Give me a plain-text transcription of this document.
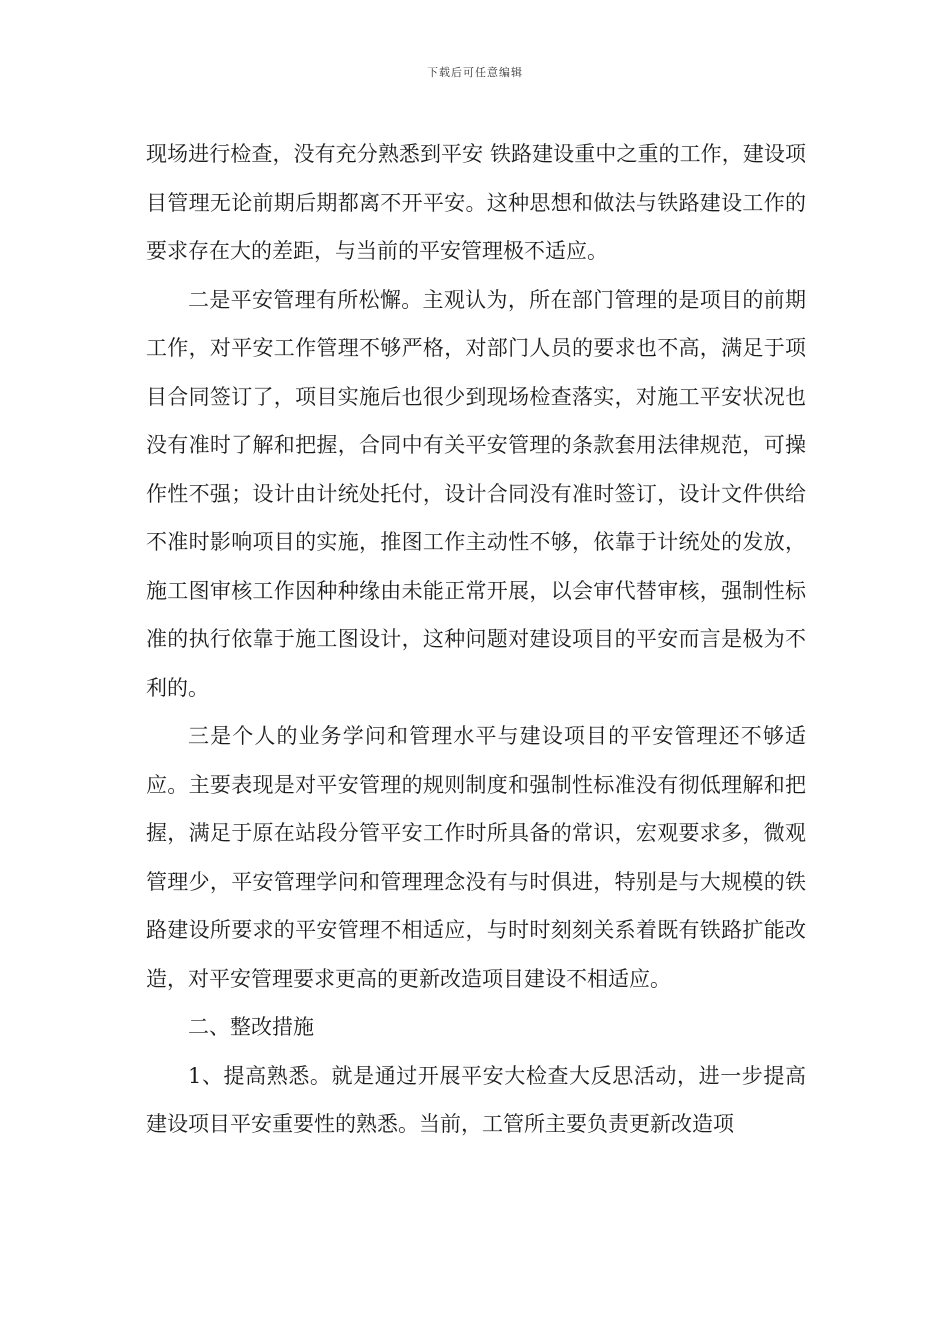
下载后可任意编辑

现场进行检查，没有充分熟悉到平安 铁路建设重中之重的工作，建设项目管理无论前期后期都离不开平安。这种思想和做法与铁路建设工作的要求存在大的差距，与当前的平安管理极不适应。

二是平安管理有所松懈。主观认为，所在部门管理的是项目的前期工作，对平安工作管理不够严格，对部门人员的要求也不高，满足于项目合同签订了，项目实施后也很少到现场检查落实，对施工平安状况也没有准时了解和把握，合同中有关平安管理的条款套用法律规范，可操作性不强；设计由计统处托付，设计合同没有准时签订，设计文件供给不准时影响项目的实施，推图工作主动性不够，依靠于计统处的发放，施工图审核工作因种种缘由未能正常开展，以会审代替审核，强制性标准的执行依靠于施工图设计，这种问题对建设项目的平安而言是极为不利的。

三是个人的业务学问和管理水平与建设项目的平安管理还不够适应。主要表现是对平安管理的规则制度和强制性标准没有彻低理解和把握，满足于原在站段分管平安工作时所具备的常识，宏观要求多，微观管理少，平安管理学问和管理理念没有与时俱进，特别是与大规模的铁路建设所要求的平安管理不相适应，与时时刻刻关系着既有铁路扩能改造，对平安管理要求更高的更新改造项目建设不相适应。

二、整改措施

1、提高熟悉。就是通过开展平安大检查大反思活动，进一步提高建设项目平安重要性的熟悉。当前，工管所主要负责更新改造项
